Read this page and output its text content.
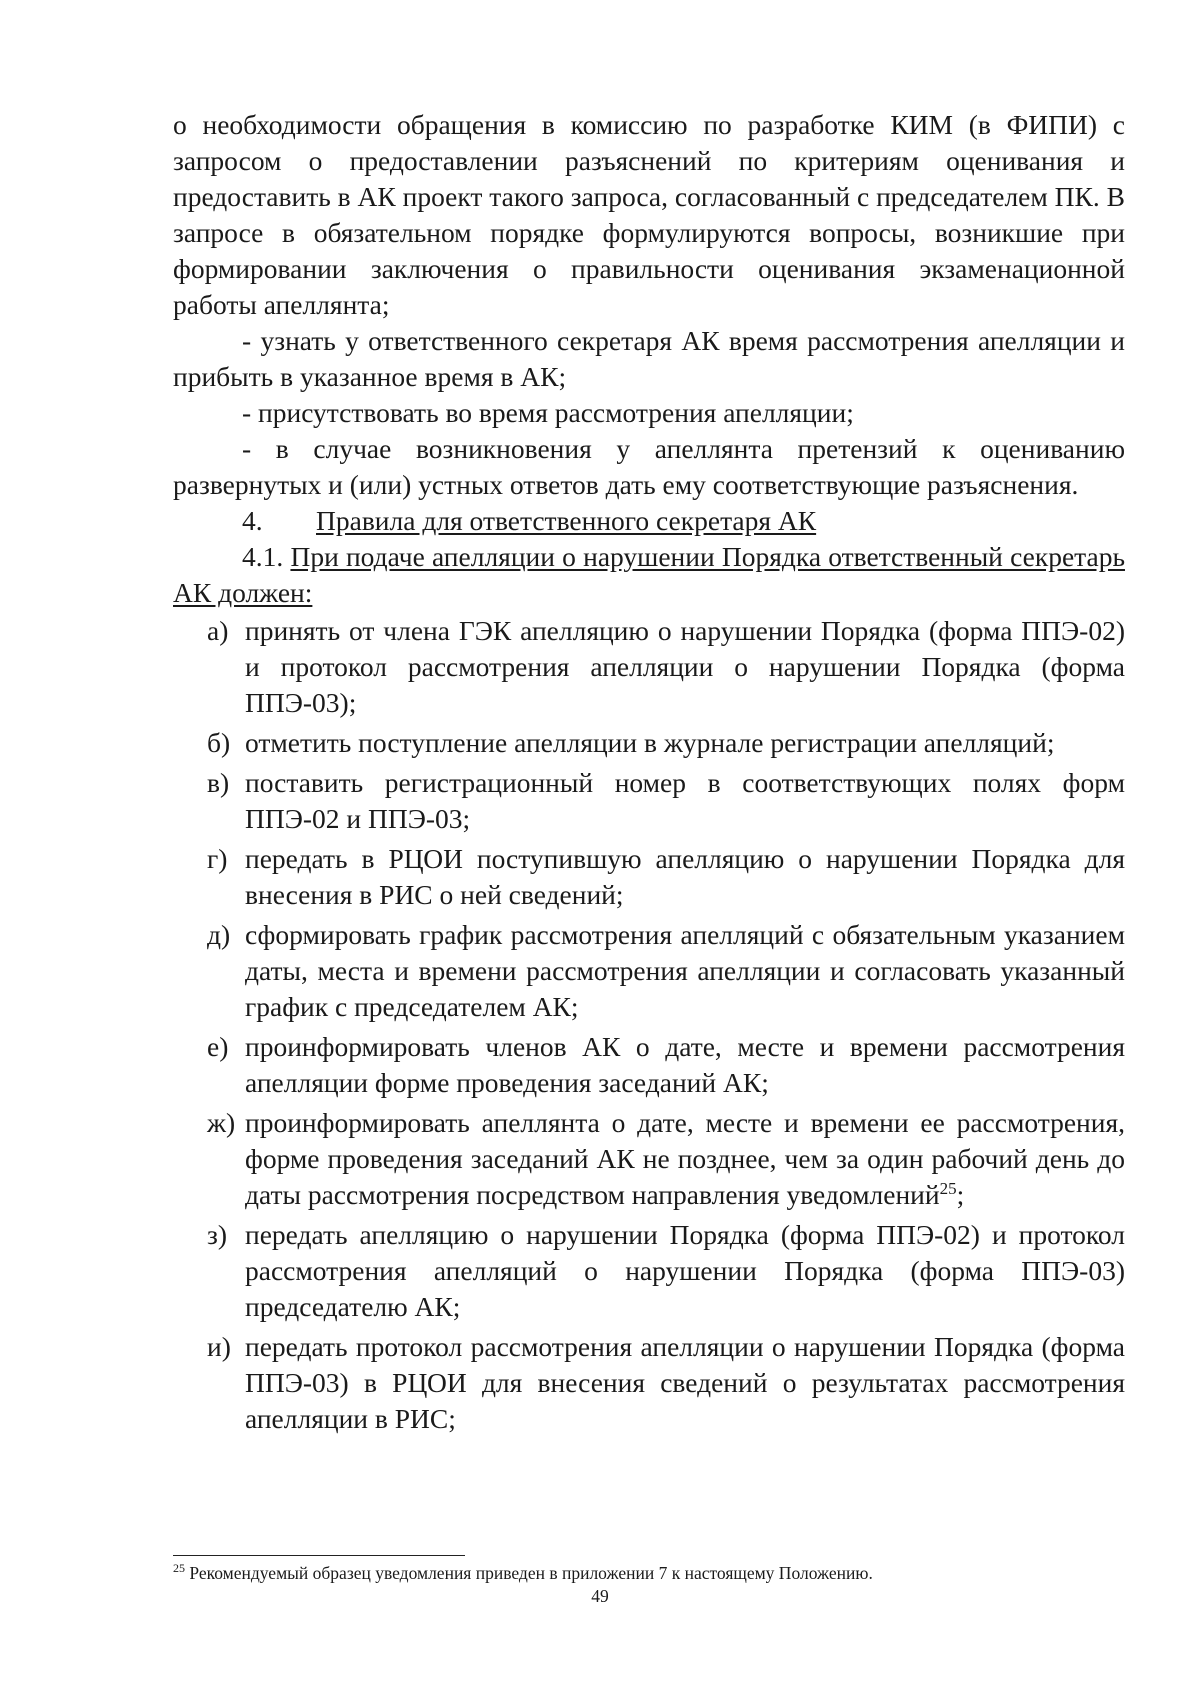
о необходимости обращения в комиссию по разработке КИМ (в ФИПИ) с запросом о предоставлении разъяснений по критериям оценивания и предоставить в АК проект такого запроса, согласованный с председателем ПК. В запросе в обязательном порядке формулируются вопросы, возникшие при формировании заключения о правильности оценивания экзаменационной работы апеллянта;

- узнать у ответственного секретаря АК время рассмотрения апелляции и прибыть в указанное время в АК;

- присутствовать во время рассмотрения апелляции;

- в случае возникновения у апеллянта претензий к оцениванию развернутых и (или) устных ответов дать ему соответствующие разъяснения.

4. Правила для ответственного секретаря АК

4.1. При подаче апелляции о нарушении Порядка ответственный секретарь АК должен:

а) принять от члена ГЭК апелляцию о нарушении Порядка (форма ППЭ-02) и протокол рассмотрения апелляции о нарушении Порядка (форма ППЭ-03);
б) отметить поступление апелляции в журнале регистрации апелляций;
в) поставить регистрационный номер в соответствующих полях форм ППЭ-02 и ППЭ-03;
г) передать в РЦОИ поступившую апелляцию о нарушении Порядка для внесения в РИС о ней сведений;
д) сформировать график рассмотрения апелляций с обязательным указанием даты, места и времени рассмотрения апелляции и согласовать указанный график с председателем АК;
е) проинформировать членов АК о дате, месте и времени рассмотрения апелляции форме проведения заседаний АК;
ж) проинформировать апеллянта о дате, месте и времени ее рассмотрения, форме проведения заседаний АК не позднее, чем за один рабочий день до даты рассмотрения посредством направления уведомлений$^{25}$;
з) передать апелляцию о нарушении Порядка (форма ППЭ-02) и протокол рассмотрения апелляций о нарушении Порядка (форма ППЭ-03) председателю АК;
и) передать протокол рассмотрения апелляции о нарушении Порядка (форма ППЭ-03) в РЦОИ для внесения сведений о результатах рассмотрения апелляции в РИС;
$^{25}$ Рекомендуемый образец уведомления приведен в приложении 7 к настоящему Положению.
49
